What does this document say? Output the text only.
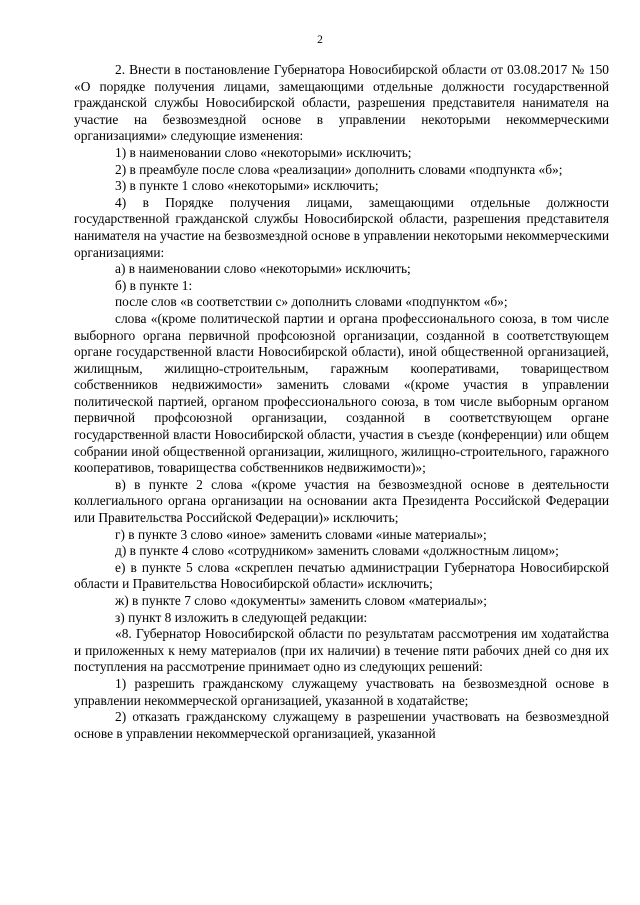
2

2. Внести в постановление Губернатора Новосибирской области от 03.08.2017 № 150 «О порядке получения лицами, замещающими отдельные должности государственной гражданской службы Новосибирской области, разрешения представителя нанимателя на участие на безвозмездной основе в управлении некоторыми некоммерческими организациями» следующие изменения:

1) в наименовании слово «некоторыми» исключить;

2) в преамбуле после слова «реализации» дополнить словами «подпункта «б»;

3) в пункте 1 слово «некоторыми» исключить;

4) в Порядке получения лицами, замещающими отдельные должности государственной гражданской службы Новосибирской области, разрешения представителя нанимателя на участие на безвозмездной основе в управлении некоторыми некоммерческими организациями:

а) в наименовании слово «некоторыми» исключить;

б) в пункте 1:

после слов «в соответствии с» дополнить словами «подпунктом «б»;

слова «(кроме политической партии и органа профессионального союза, в том числе выборного органа первичной профсоюзной организации, созданной в соответствующем органе государственной власти Новосибирской области), иной общественной организацией, жилищным, жилищно-строительным, гаражным кооперативами, товариществом собственников недвижимости» заменить словами «(кроме участия в управлении политической партией, органом профессионального союза, в том числе выборным органом первичной профсоюзной организации, созданной в соответствующем органе государственной власти Новосибирской области, участия в съезде (конференции) или общем собрании иной общественной организации, жилищного, жилищно-строительного, гаражного кооперативов, товарищества собственников недвижимости)»;

в) в пункте 2 слова «(кроме участия на безвозмездной основе в деятельности коллегиального органа организации на основании акта Президента Российской Федерации или Правительства Российской Федерации)» исключить;

г) в пункте 3 слово «иное» заменить словами «иные материалы»;

д) в пункте 4 слово «сотрудником» заменить словами «должностным лицом»;

е) в пункте 5 слова «скреплен печатью администрации Губернатора Новосибирской области и Правительства Новосибирской области» исключить;

ж) в пункте 7 слово «документы» заменить словом «материалы»;

з) пункт 8 изложить в следующей редакции:

«8. Губернатор Новосибирской области по результатам рассмотрения им ходатайства и приложенных к нему материалов (при их наличии) в течение пяти рабочих дней со дня их поступления на рассмотрение принимает одно из следующих решений:

1) разрешить гражданскому служащему участвовать на безвозмездной основе в управлении некоммерческой организацией, указанной в ходатайстве;

2) отказать гражданскому служащему в разрешении участвовать на безвозмездной основе в управлении некоммерческой организацией, указанной
